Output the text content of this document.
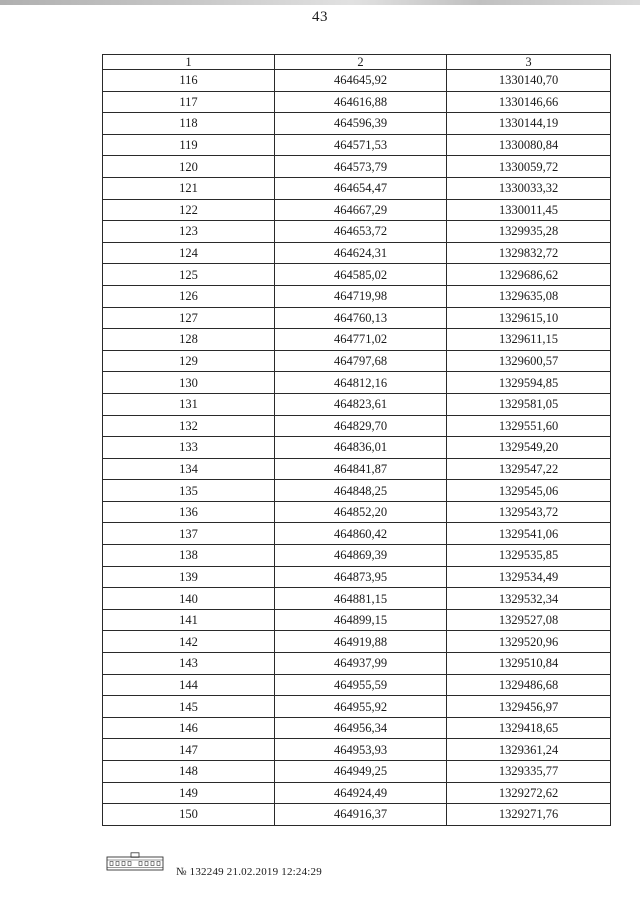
43
1	2	3
116	464645,92	1330140,70
117	464616,88	1330146,66
118	464596,39	1330144,19
119	464571,53	1330080,84
120	464573,79	1330059,72
121	464654,47	1330033,32
122	464667,29	1330011,45
123	464653,72	1329935,28
124	464624,31	1329832,72
125	464585,02	1329686,62
126	464719,98	1329635,08
127	464760,13	1329615,10
128	464771,02	1329611,15
129	464797,68	1329600,57
130	464812,16	1329594,85
131	464823,61	1329581,05
132	464829,70	1329551,60
133	464836,01	1329549,20
134	464841,87	1329547,22
135	464848,25	1329545,06
136	464852,20	1329543,72
137	464860,42	1329541,06
138	464869,39	1329535,85
139	464873,95	1329534,49
140	464881,15	1329532,34
141	464899,15	1329527,08
142	464919,88	1329520,96
143	464937,99	1329510,84
144	464955,59	1329486,68
145	464955,92	1329456,97
146	464956,34	1329418,65
147	464953,93	1329361,24
148	464949,25	1329335,77
149	464924,49	1329272,62
150	464916,37	1329271,76
№ 132249 21.02.2019 12:24:29
